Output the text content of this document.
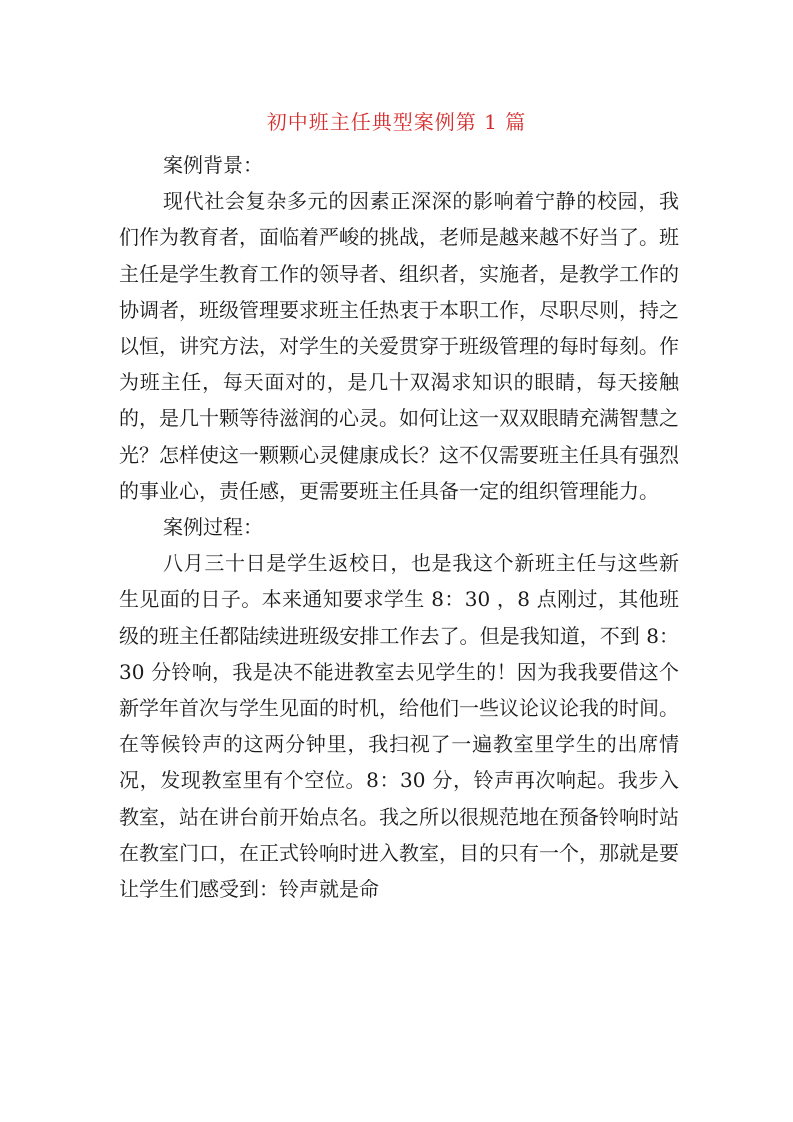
初中班主任典型案例第 1 篇

案例背景：

现代社会复杂多元的因素正深深的影响着宁静的校园，我们作为教育者，面临着严峻的挑战，老师是越来越不好当了。班主任是学生教育工作的领导者、组织者，实施者，是教学工作的协调者，班级管理要求班主任热衷于本职工作，尽职尽则，持之以恒，讲究方法，对学生的关爱贯穿于班级管理的每时每刻。作为班主任，每天面对的，是几十双渴求知识的眼睛，每天接触的，是几十颗等待滋润的心灵。如何让这一双双眼睛充满智慧之光？怎样使这一颗颗心灵健康成长？这不仅需要班主任具有强烈的事业心，责任感，更需要班主任具备一定的组织管理能力。

案例过程：

八月三十日是学生返校日，也是我这个新班主任与这些新生见面的日子。本来通知要求学生 8：30 ，8 点刚过，其他班级的班主任都陆续进班级安排工作去了。但是我知道，不到 8：30 分铃响，我是决不能进教室去见学生的！因为我我要借这个新学年首次与学生见面的时机，给他们一些议论议论我的时间。在等候铃声的这两分钟里，我扫视了一遍教室里学生的出席情况，发现教室里有个空位。8：30 分，铃声再次响起。我步入教室，站在讲台前开始点名。我之所以很规范地在预备铃响时站在教室门口，在正式铃响时进入教室，目的只有一个，那就是要让学生们感受到：铃声就是命
